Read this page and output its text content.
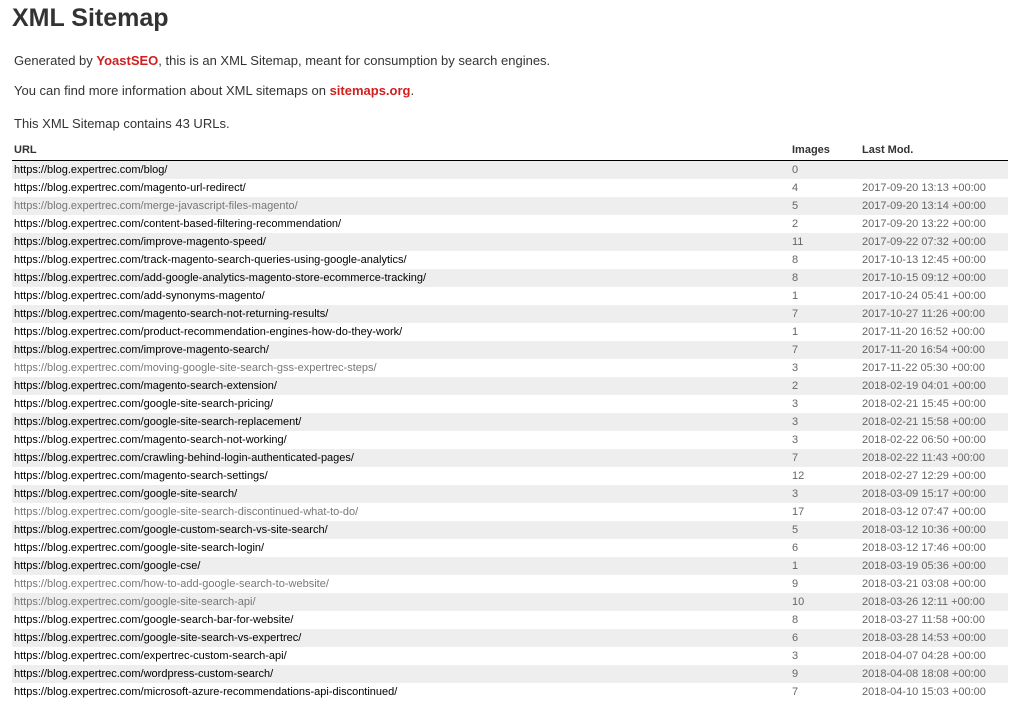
XML Sitemap

Generated by YoastSEO, this is an XML Sitemap, meant for consumption by search engines.

You can find more information about XML sitemaps on sitemaps.org.

This XML Sitemap contains 43 URLs.

URL	Images	Last Mod.
https://blog.expertrec.com/blog/	0	
https://blog.expertrec.com/magento-url-redirect/	4	2017-09-20 13:13 +00:00
https://blog.expertrec.com/merge-javascript-files-magento/	5	2017-09-20 13:14 +00:00
https://blog.expertrec.com/content-based-filtering-recommendation/	2	2017-09-20 13:22 +00:00
https://blog.expertrec.com/improve-magento-speed/	11	2017-09-22 07:32 +00:00
https://blog.expertrec.com/track-magento-search-queries-using-google-analytics/	8	2017-10-13 12:45 +00:00
https://blog.expertrec.com/add-google-analytics-magento-store-ecommerce-tracking/	8	2017-10-15 09:12 +00:00
https://blog.expertrec.com/add-synonyms-magento/	1	2017-10-24 05:41 +00:00
https://blog.expertrec.com/magento-search-not-returning-results/	7	2017-10-27 11:26 +00:00
https://blog.expertrec.com/product-recommendation-engines-how-do-they-work/	1	2017-11-20 16:52 +00:00
https://blog.expertrec.com/improve-magento-search/	7	2017-11-20 16:54 +00:00
https://blog.expertrec.com/moving-google-site-search-gss-expertrec-steps/	3	2017-11-22 05:30 +00:00
https://blog.expertrec.com/magento-search-extension/	2	2018-02-19 04:01 +00:00
https://blog.expertrec.com/google-site-search-pricing/	3	2018-02-21 15:45 +00:00
https://blog.expertrec.com/google-site-search-replacement/	3	2018-02-21 15:58 +00:00
https://blog.expertrec.com/magento-search-not-working/	3	2018-02-22 06:50 +00:00
https://blog.expertrec.com/crawling-behind-login-authenticated-pages/	7	2018-02-22 11:43 +00:00
https://blog.expertrec.com/magento-search-settings/	12	2018-02-27 12:29 +00:00
https://blog.expertrec.com/google-site-search/	3	2018-03-09 15:17 +00:00
https://blog.expertrec.com/google-site-search-discontinued-what-to-do/	17	2018-03-12 07:47 +00:00
https://blog.expertrec.com/google-custom-search-vs-site-search/	5	2018-03-12 10:36 +00:00
https://blog.expertrec.com/google-site-search-login/	6	2018-03-12 17:46 +00:00
https://blog.expertrec.com/google-cse/	1	2018-03-19 05:36 +00:00
https://blog.expertrec.com/how-to-add-google-search-to-website/	9	2018-03-21 03:08 +00:00
https://blog.expertrec.com/google-site-search-api/	10	2018-03-26 12:11 +00:00
https://blog.expertrec.com/google-search-bar-for-website/	8	2018-03-27 11:58 +00:00
https://blog.expertrec.com/google-site-search-vs-expertrec/	6	2018-03-28 14:53 +00:00
https://blog.expertrec.com/expertrec-custom-search-api/	3	2018-04-07 04:28 +00:00
https://blog.expertrec.com/wordpress-custom-search/	9	2018-04-08 18:08 +00:00
https://blog.expertrec.com/microsoft-azure-recommendations-api-discontinued/	7	2018-04-10 15:03 +00:00
